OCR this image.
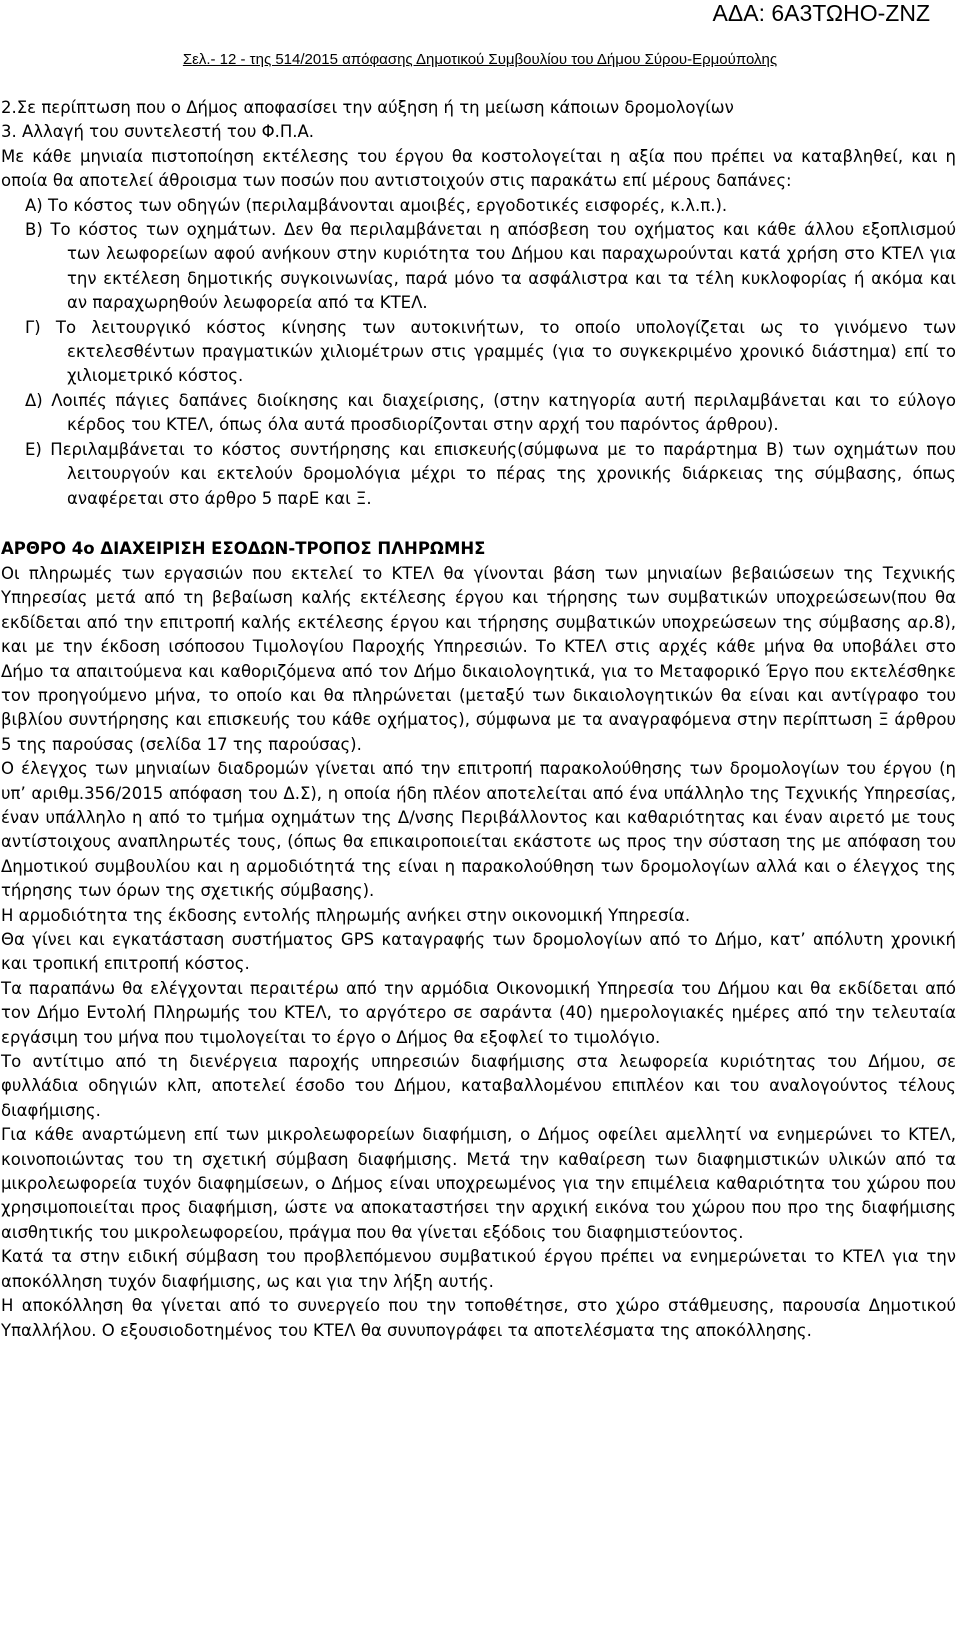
ΑΔΑ: 6Α3ΤΩΗΟ-ΖΝΖ
Σελ.- 12 - της 514/2015 απόφασης Δημοτικού Συμβουλίου του Δήμου Σύρου-Ερμούπολης

2.Σε περίπτωση που ο Δήμος αποφασίσει την αύξηση ή τη μείωση κάποιων δρομολογίων

3. Αλλαγή του συντελεστή του Φ.Π.Α.

Με κάθε μηνιαία πιστοποίηση εκτέλεσης του έργου θα κοστολογείται η αξία που πρέπει να καταβληθεί, και η οποία θα αποτελεί άθροισμα των ποσών που αντιστοιχούν στις παρακάτω επί μέρους δαπάνες:

Α) Το κόστος των οδηγών (περιλαμβάνονται αμοιβές, εργοδοτικές εισφορές, κ.λ.π.).

Β) Το κόστος των οχημάτων. Δεν θα περιλαμβάνεται η απόσβεση του οχήματος και κάθε άλλου εξοπλισμού των λεωφορείων αφού ανήκουν στην κυριότητα του Δήμου και παραχωρούνται κατά χρήση στο ΚΤΕΛ για την εκτέλεση δημοτικής συγκοινωνίας, παρά μόνο τα ασφάλιστρα και τα τέλη κυκλοφορίας ή ακόμα και αν παραχωρηθούν λεωφορεία από τα ΚΤΕΛ.

Γ) Το λειτουργικό κόστος κίνησης των αυτοκινήτων, το οποίο υπολογίζεται ως το γινόμενο των εκτελεσθέντων πραγματικών χιλιομέτρων στις γραμμές (για το συγκεκριμένο χρονικό διάστημα) επί το χιλιομετρικό κόστος.

Δ) Λοιπές πάγιες δαπάνες διοίκησης και διαχείρισης, (στην κατηγορία αυτή περιλαμβάνεται και το εύλογο κέρδος του ΚΤΕΛ, όπως όλα αυτά προσδιορίζονται στην αρχή του παρόντος άρθρου).

Ε) Περιλαμβάνεται το κόστος συντήρησης και επισκευής(σύμφωνα με το παράρτημα Β) των οχημάτων που λειτουργούν και εκτελούν δρομολόγια μέχρι το πέρας της χρονικής διάρκειας της σύμβασης, όπως αναφέρεται στο άρθρο 5 παρΕ και Ξ.

ΑΡΘΡΟ 4ο ΔΙΑΧΕΙΡΙΣΗ ΕΣΟΔΩΝ-ΤΡΟΠΟΣ ΠΛΗΡΩΜΗΣ

Οι πληρωμές των εργασιών που εκτελεί το ΚΤΕΛ θα γίνονται βάση των μηνιαίων βεβαιώσεων της Τεχνικής Υπηρεσίας μετά από τη βεβαίωση καλής εκτέλεσης έργου και τήρησης των συμβατικών υποχρεώσεων(που θα εκδίδεται από την επιτροπή καλής εκτέλεσης έργου και τήρησης συμβατικών υποχρεώσεων της σύμβασης αρ.8), και με την έκδοση ισόποσου Τιμολογίου Παροχής Υπηρεσιών. Το ΚΤΕΛ στις αρχές κάθε μήνα θα υποβάλει στο Δήμο τα απαιτούμενα και καθοριζόμενα από τον Δήμο δικαιολογητικά, για το Μεταφορικό Έργο που εκτελέσθηκε τον προηγούμενο μήνα, το οποίο και θα πληρώνεται (μεταξύ των δικαιολογητικών θα είναι και αντίγραφο του βιβλίου συντήρησης και επισκευής του κάθε οχήματος), σύμφωνα με τα αναγραφόμενα στην περίπτωση Ξ άρθρου 5 της παρούσας (σελίδα 17 της παρούσας).

Ο έλεγχος των μηνιαίων διαδρομών γίνεται από την επιτροπή παρακολούθησης των δρομολογίων του έργου (η υπ’ αριθμ.356/2015 απόφαση του Δ.Σ), η οποία ήδη πλέον αποτελείται από ένα υπάλληλο της Τεχνικής Υπηρεσίας, έναν υπάλληλο η από το τμήμα οχημάτων της Δ/νσης Περιβάλλοντος και καθαριότητας και έναν αιρετό με τους αντίστοιχους αναπληρωτές τους, (όπως θα επικαιροποιείται εκάστοτε ως προς την σύσταση της με απόφαση του Δημοτικού συμβουλίου και η αρμοδιότητά της είναι η παρακολούθηση των δρομολογίων αλλά και ο έλεγχος της τήρησης των όρων της σχετικής σύμβασης).

Η αρμοδιότητα της έκδοσης εντολής πληρωμής ανήκει στην οικονομική Υπηρεσία.

Θα γίνει και εγκατάσταση συστήματος GPS καταγραφής των δρομολογίων από το Δήμο, κατ’ απόλυτη χρονική και τροπική επιτροπή κόστος.

Τα παραπάνω θα ελέγχονται περαιτέρω από την αρμόδια Οικονομική Υπηρεσία του Δήμου και θα εκδίδεται από τον Δήμο Εντολή Πληρωμής του ΚΤΕΛ, το αργότερο σε σαράντα (40) ημερολογιακές ημέρες από την τελευταία εργάσιμη του μήνα που τιμολογείται το έργο ο Δήμος θα εξοφλεί το τιμολόγιο.

Το αντίτιμο από τη διενέργεια παροχής υπηρεσιών διαφήμισης στα λεωφορεία κυριότητας του Δήμου, σε φυλλάδια οδηγιών κλπ, αποτελεί έσοδο του Δήμου, καταβαλλομένου επιπλέον και του αναλογούντος τέλους διαφήμισης.

Για κάθε αναρτώμενη επί των μικρολεωφορείων διαφήμιση, ο Δήμος οφείλει αμελλητί να ενημερώνει το ΚΤΕΛ, κοινοποιώντας του τη σχετική σύμβαση διαφήμισης. Μετά την καθαίρεση των διαφημιστικών υλικών από τα μικρολεωφορεία τυχόν διαφημίσεων, ο Δήμος είναι υποχρεωμένος για την επιμέλεια καθαριότητα του χώρου που χρησιμοποιείται προς διαφήμιση, ώστε να αποκαταστήσει την αρχική εικόνα του χώρου που προ της διαφήμισης αισθητικής του μικρολεωφορείου, πράγμα που θα γίνεται εξόδοις του διαφημιστεύοντος.

Κατά τα στην ειδική σύμβαση του προβλεπόμενου συμβατικού έργου πρέπει να ενημερώνεται το ΚΤΕΛ για την αποκόλληση τυχόν διαφήμισης, ως και για την λήξη αυτής.

Η αποκόλληση θα γίνεται από το συνεργείο που την τοποθέτησε, στο χώρο στάθμευσης, παρουσία Δημοτικού Υπαλλήλου. Ο εξουσιοδοτημένος του ΚΤΕΛ θα συνυπογράφει τα αποτελέσματα της αποκόλλησης.
